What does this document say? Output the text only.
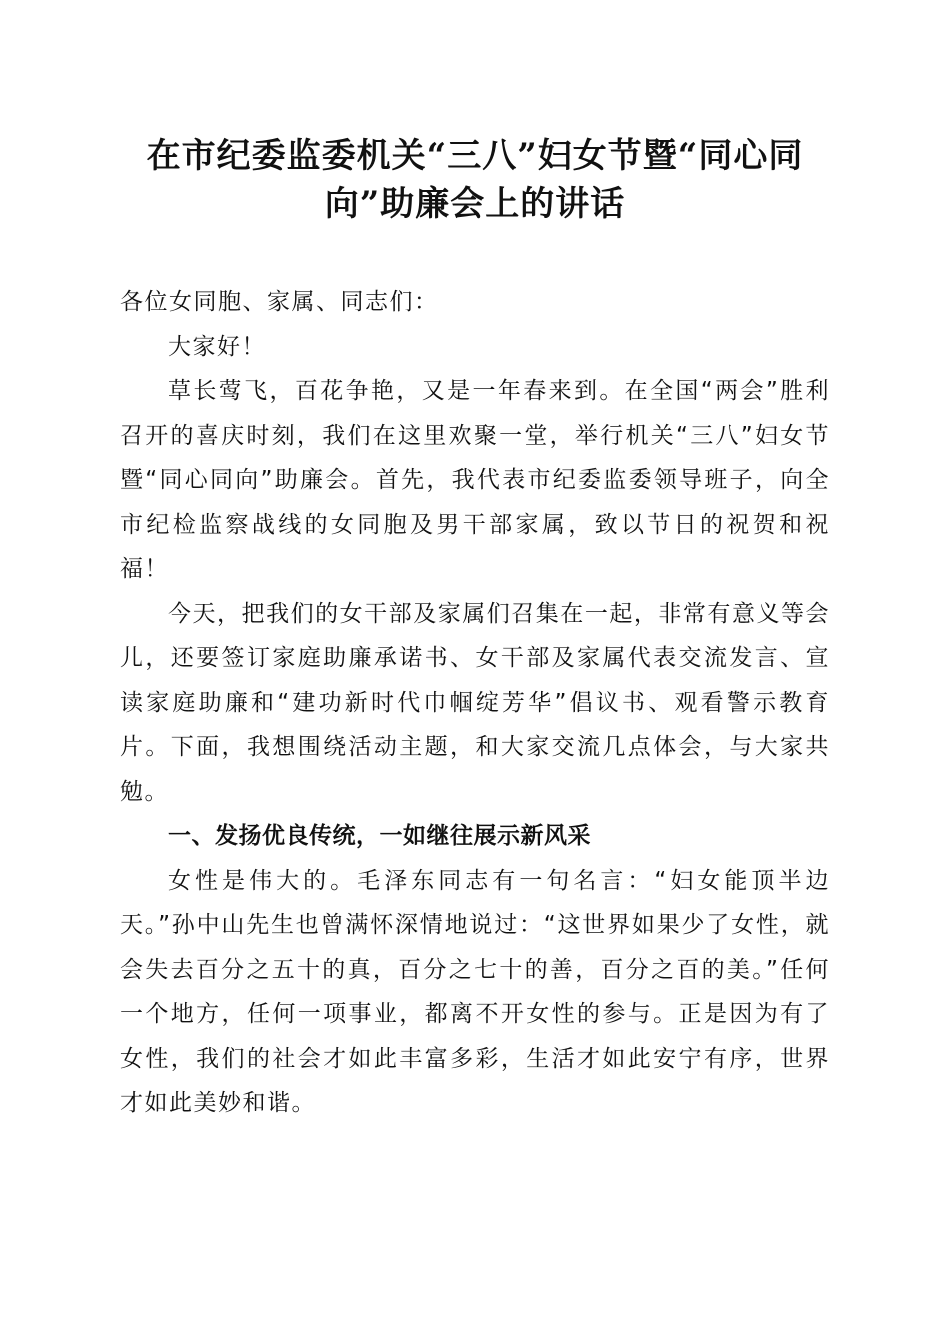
在市纪委监委机关“三八”妇女节暨“同心同
向”助廉会上的讲话

各位女同胞、家属、同志们：

大家好！

草长莺飞，百花争艳，又是一年春来到。在全国“两会”胜利召开的喜庆时刻，我们在这里欢聚一堂，举行机关“三八”妇女节暨“同心同向”助廉会。首先，我代表市纪委监委领导班子，向全市纪检监察战线的女同胞及男干部家属，致以节日的祝贺和祝福！

今天，把我们的女干部及家属们召集在一起，非常有意义等会儿，还要签订家庭助廉承诺书、女干部及家属代表交流发言、宣读家庭助廉和“建功新时代巾帼绽芳华”倡议书、观看警示教育片。下面，我想围绕活动主题，和大家交流几点体会，与大家共勉。

一、发扬优良传统，一如继往展示新风采

女性是伟大的。毛泽东同志有一句名言：“妇女能顶半边天。”孙中山先生也曾满怀深情地说过：“这世界如果少了女性，就会失去百分之五十的真，百分之七十的善，百分之百的美。”任何一个地方，任何一项事业，都离不开女性的参与。正是因为有了女性，我们的社会才如此丰富多彩，生活才如此安宁有序，世界才如此美妙和谐。
